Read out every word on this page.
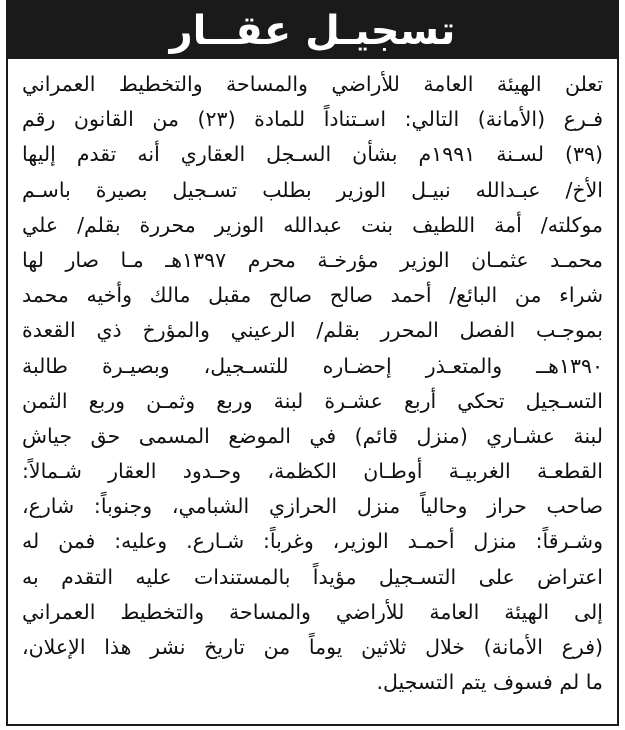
تسجيـل عقــار
تعلن الهيئة العامة للأراضي والمساحة والتخطيط العمراني
فـرع (الأمانة) التالي: اسـتناداً للمادة (٢٣) من القانون رقم
(٣٩) لسـنة ١٩٩١م بشأن السـجل العقاري أنه تقدم إليها
الأخ/ عبـدالله نبيـل الوزير بطلب تسـجيل بصيرة باسـم
موكلته/ أمة اللطيف بنت عبدالله الوزير محررة بقلم/ علي
محمـد عثمـان الوزير مؤرخـة محرم ١٣٩٧هـ مـا صار لها
شراء من البائع/ أحمد صالح صالح مقبل مالك وأخيه محمد
بموجـب الفصل المحرر بقلم/ الرعيني والمؤرخ ذي القعدة
١٣٩٠هــ والمتعـذر إحضـاره للتسـجيل، وبصيـرة طالبة
التسـجيل تحكي أربع عشـرة لبنة وربع وثمـن وربع الثمن
لبنة عشـاري (منزل قائم) في الموضع المسمى حق جياش
القطعـة الغربيـة أوطـان الكظمة، وحـدود العقار شـمالاً:
صاحب حراز وحالياً منزل الحرازي الشبامي، وجنوباً: شارع،
وشـرقاً: منزل أحمـد الوزير، وغرباً: شـارع. وعليه: فمن له
اعتراض على التسـجيل مؤيداً بالمستندات عليه التقدم به
إلى الهيئة العامة للأراضي والمساحة والتخطيط العمراني
(فرع الأمانة) خلال ثلاثين يوماً من تاريخ نشر هذا الإعلان،
ما لم فسوف يتم التسجيل.
